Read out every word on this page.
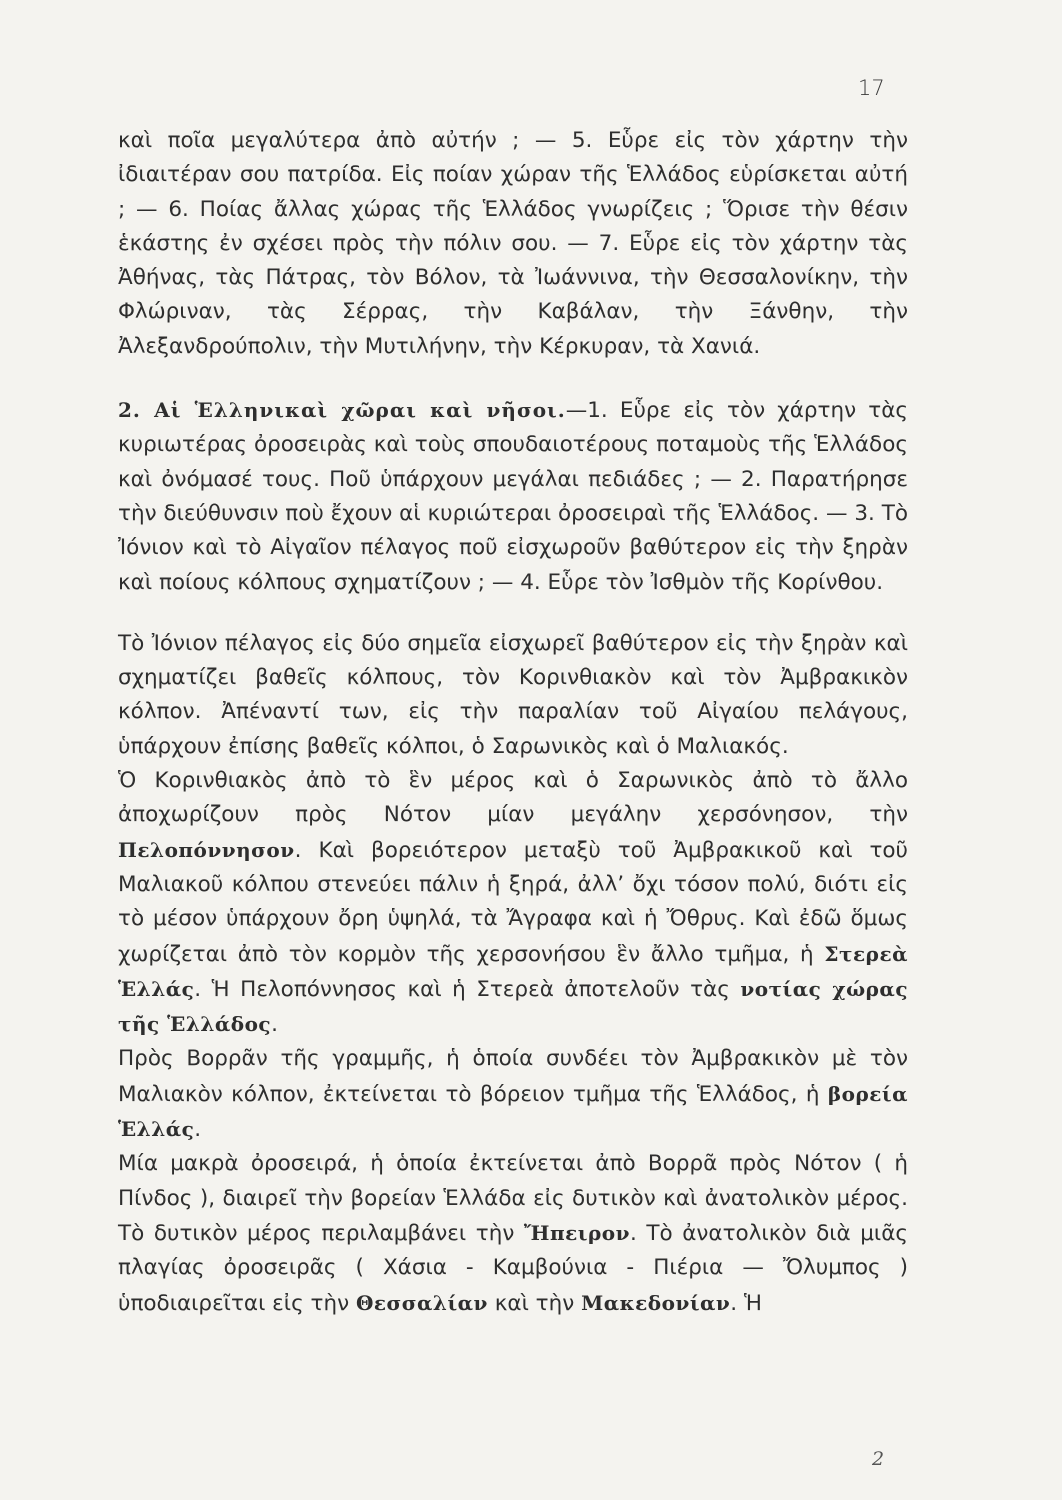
17

καὶ ποῖα μεγαλύτερα ἀπὸ αὐτήν ; — 5. Εὗρε εἰς τὸν χάρτην τὴν ἰδιαιτέραν σου πατρίδα. Εἰς ποίαν χώραν τῆς Ἑλλάδος εὑρίσκεται αὐτή ; — 6. Ποίας ἄλλας χώρας τῆς Ἑλλάδος γνωρίζεις ; Ὅρισε τὴν θέσιν ἑκάστης ἐν σχέσει πρὸς τὴν πόλιν σου. — 7. Εὗρε εἰς τὸν χάρτην τὰς Ἀθήνας, τὰς Πάτρας, τὸν Βόλον, τὰ Ἰωάννινα, τὴν Θεσσαλονίκην, τὴν Φλώριναν, τὰς Σέρρας, τὴν Καβάλαν, τὴν Ξάνθην, τὴν Ἀλεξανδρούπολιν, τὴν Μυτιλήνην, τὴν Κέρκυραν, τὰ Χανιά.

2. Αἱ Ἑλληνικαὶ χῶραι καὶ νῆσοι.—1. Εὗρε εἰς τὸν χάρτην τὰς κυριωτέρας ὀροσειρὰς καὶ τοὺς σπουδαιοτέρους ποταμοὺς τῆς Ἑλλάδος καὶ ὀνόμασέ τους. Ποῦ ὑπάρχουν μεγάλαι πεδιάδες ; — 2. Παρατήρησε τὴν διεύθυνσιν ποὺ ἔχουν αἱ κυριώτεραι ὀροσειραὶ τῆς Ἑλλάδος. — 3. Τὸ Ἰόνιον καὶ τὸ Αἰγαῖον πέλαγος ποῦ εἰσχωροῦν βαθύτερον εἰς τὴν ξηρὰν καὶ ποίους κόλπους σχηματίζουν ; — 4. Εὗρε τὸν Ἰσθμὸν τῆς Κορίνθου.

Τὸ Ἰόνιον πέλαγος εἰς δύο σημεῖα εἰσχωρεῖ βαθύτερον εἰς τὴν ξηρὰν καὶ σχηματίζει βαθεῖς κόλπους, τὸν Κορινθιακὸν καὶ τὸν Ἀμβρακικὸν κόλπον. Ἀπέναντί των, εἰς τὴν παραλίαν τοῦ Αἰγαίου πελάγους, ὑπάρχουν ἐπίσης βαθεῖς κόλποι, ὁ Σαρωνικὸς καὶ ὁ Μαλιακός.

Ὁ Κορινθιακὸς ἀπὸ τὸ ἓν μέρος καὶ ὁ Σαρωνικὸς ἀπὸ τὸ ἄλλο ἀποχωρίζουν πρὸς Νότον μίαν μεγάλην χερσόνησον, τὴν Πελοπόννησον. Καὶ βορειότερον μεταξὺ τοῦ Ἀμβρακικοῦ καὶ τοῦ Μαλιακοῦ κόλπου στενεύει πάλιν ἡ ξηρά, ἀλλ’ ὄχι τόσον πολύ, διότι εἰς τὸ μέσον ὑπάρχουν ὄρη ὑψηλά, τὰ Ἄγραφα καὶ ἡ Ὄθρυς. Καὶ ἐδῶ ὅμως χωρίζεται ἀπὸ τὸν κορμὸν τῆς χερσονήσου ἓν ἄλλο τμῆμα, ἡ Στερεὰ Ἑλλάς. Ἡ Πελοπόννησος καὶ ἡ Στερεὰ ἀποτελοῦν τὰς νοτίας χώρας τῆς Ἑλλάδος.

Πρὸς Βορρᾶν τῆς γραμμῆς, ἡ ὁποία συνδέει τὸν Ἀμβρακικὸν μὲ τὸν Μαλιακὸν κόλπον, ἐκτείνεται τὸ βόρειον τμῆμα τῆς Ἑλλάδος, ἡ βορεία Ἑλλάς.

Μία μακρὰ ὀροσειρά, ἡ ὁποία ἐκτείνεται ἀπὸ Βορρᾶ πρὸς Νότον ( ἡ Πίνδος ), διαιρεῖ τὴν βορείαν Ἑλλάδα εἰς δυτικὸν καὶ ἀνατολικὸν μέρος. Τὸ δυτικὸν μέρος περιλαμβάνει τὴν Ἤπειρον. Τὸ ἀνατολικὸν διὰ μιᾶς πλαγίας ὀροσειρᾶς ( Χάσια - Καμβούνια - Πιέρια — Ὄλυμπος ) ὑποδιαιρεῖται εἰς τὴν Θεσσαλίαν καὶ τὴν Μακεδονίαν. Ἡ

2
